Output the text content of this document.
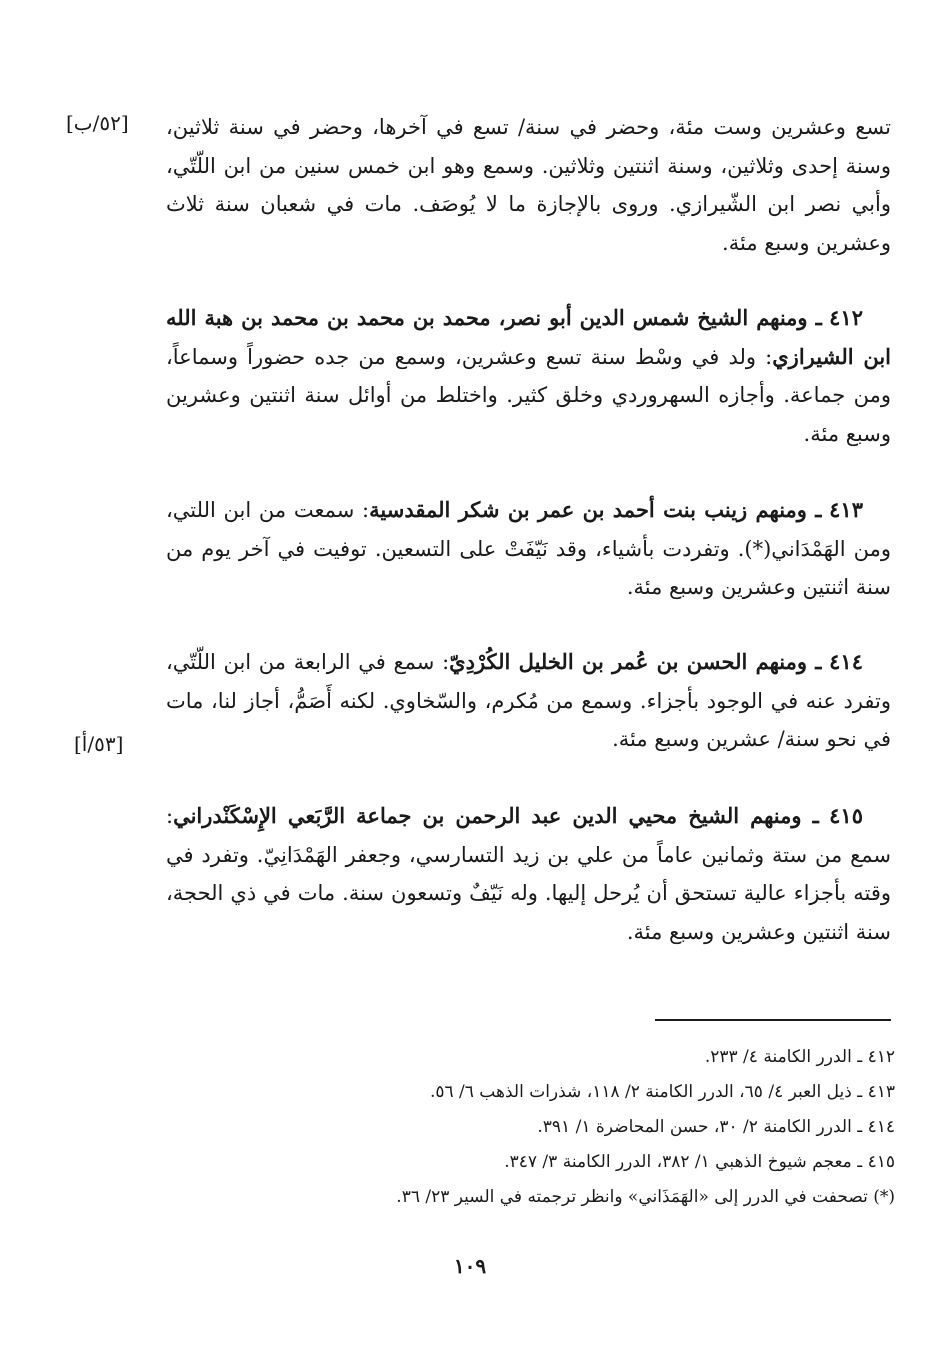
[٥٢/ب]
[٥٣/أ]

تسع وعشرين وست مئة، وحضر في سنة/ تسع في آخرها، وحضر في سنة ثلاثين، وسنة إحدى وثلاثين، وسنة اثنتين وثلاثين. وسمع وهو ابن خمس سنين من ابن اللّتّي، وأبي نصر ابن الشّيرازي. وروى بالإجازة ما لا يُوصَف. مات في شعبان سنة ثلاث وعشرين وسبع مئة.

٤١٢ ـ ومنهم الشيخ شمس الدين أبو نصر، محمد بن محمد بن محمد بن هبة الله ابن الشيرازي: ولد في وسْط سنة تسع وعشرين، وسمع من جده حضوراً وسماعاً، ومن جماعة. وأجازه السهروردي وخلق كثير. واختلط من أوائل سنة اثنتين وعشرين وسبع مئة.

٤١٣ ـ ومنهم زينب بنت أحمد بن عمر بن شكر المقدسية: سمعت من ابن اللتي، ومن الهَمْدَاني(*). وتفردت بأشياء، وقد نَيّفَتْ على التسعين. توفيت في آخر يوم من سنة اثنتين وعشرين وسبع مئة.

٤١٤ ـ ومنهم الحسن بن عُمر بن الخليل الكُرْدِيّ: سمع في الرابعة من ابن اللّتّي، وتفرد عنه في الوجود بأجزاء. وسمع من مُكرم، والسّخاوي. لكنه أَصَمُّ، أجاز لنا، مات في نحو سنة/ عشرين وسبع مئة.

٤١٥ ـ ومنهم الشيخ محيي الدين عبد الرحمن بن جماعة الرَّبَعي الإِسْكَنْدراني: سمع من ستة وثمانين عاماً من علي بن زيد التسارسي، وجعفر الهَمْدَانِيّ. وتفرد في وقته بأجزاء عالية تستحق أن يُرحل إليها. وله نَيّفٌ وتسعون سنة. مات في ذي الحجة، سنة اثنتين وعشرين وسبع مئة.

٤١٢ ـ الدرر الكامنة ٤/ ٢٣٣.

٤١٣ ـ ذيل العبر ٤/ ٦٥، الدرر الكامنة ٢/ ١١٨، شذرات الذهب ٦/ ٥٦.

٤١٤ ـ الدرر الكامنة ٢/ ٣٠، حسن المحاضرة ١/ ٣٩١.

٤١٥ ـ معجم شيوخ الذهبي ١/ ٣٨٢، الدرر الكامنة ٣/ ٣٤٧.

(*) تصحفت في الدرر إلى «الهَمَذَاني» وانظر ترجمته في السير ٢٣/ ٣٦.

١٠٩
